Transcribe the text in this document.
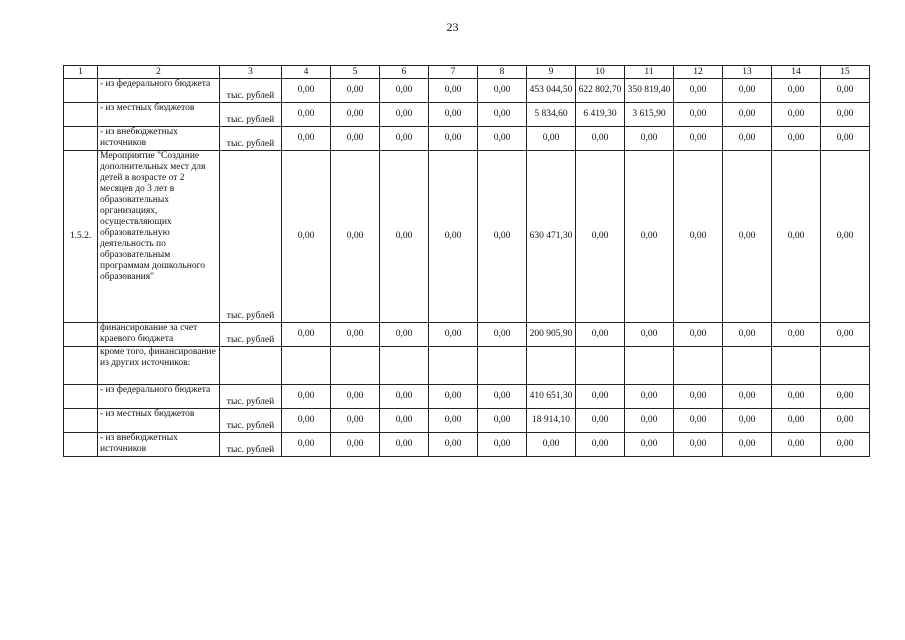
23
1	2	3	4	5	6	7	8	9	10	11	12	13	14	15
	- из федерального бюджета	тыс. рублей	0,00	0,00	0,00	0,00	0,00	453 044,50	622 802,70	350 819,40	0,00	0,00	0,00	0,00
	- из местных бюджетов	тыс. рублей	0,00	0,00	0,00	0,00	0,00	5 834,60	6 419,30	3 615,90	0,00	0,00	0,00	0,00
	- из внебюджетных источников	тыс. рублей	0,00	0,00	0,00	0,00	0,00	0,00	0,00	0,00	0,00	0,00	0,00	0,00
1.5.2.	Мероприятие "Создание дополнительных мест для детей в возрасте от 2 месяцев до 3 лет в образовательных организациях, осуществляющих образовательную деятельность по образовательным программам дошкольного образования"	тыс. рублей	0,00	0,00	0,00	0,00	0,00	630 471,30	0,00	0,00	0,00	0,00	0,00	0,00
	финансирование за счет краевого бюджета	тыс. рублей	0,00	0,00	0,00	0,00	0,00	200 905,90	0,00	0,00	0,00	0,00	0,00	0,00
	кроме того, финансирование из других источников:													
	- из федерального бюджета	тыс. рублей	0,00	0,00	0,00	0,00	0,00	410 651,30	0,00	0,00	0,00	0,00	0,00	0,00
	- из местных бюджетов	тыс. рублей	0,00	0,00	0,00	0,00	0,00	18 914,10	0,00	0,00	0,00	0,00	0,00	0,00
	- из внебюджетных источников	тыс. рублей	0,00	0,00	0,00	0,00	0,00	0,00	0,00	0,00	0,00	0,00	0,00	0,00
